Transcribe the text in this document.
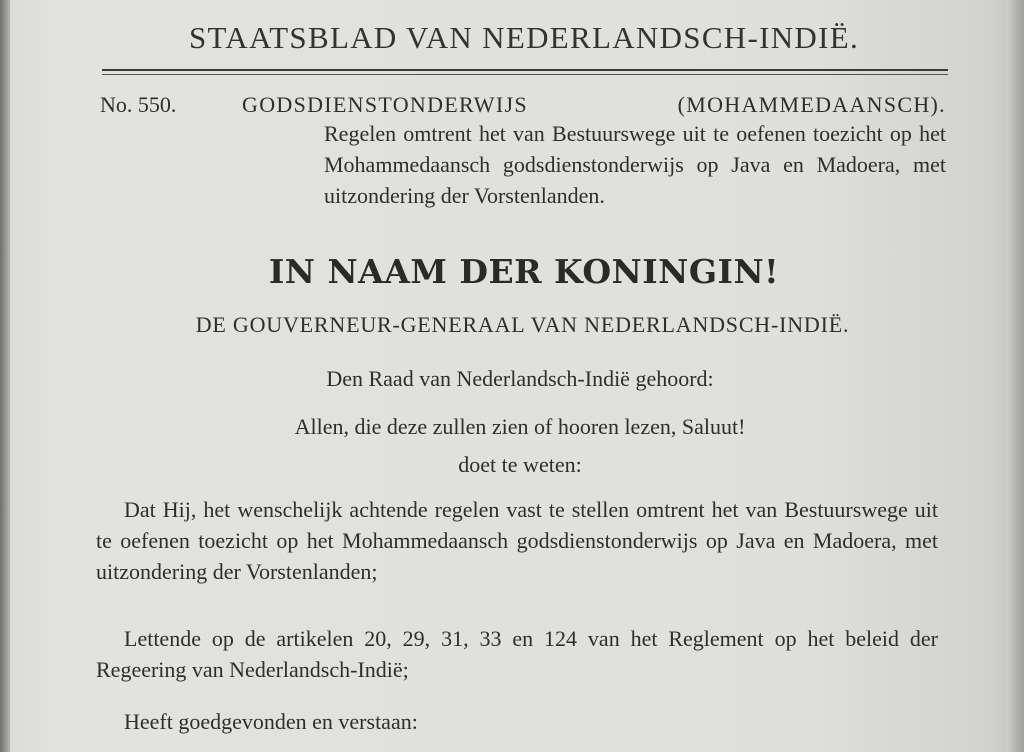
STAATSBLAD VAN NEDERLANDSCH-INDIË.
No. 550.	GODSDIENSTONDERWIJS (MOHAMMEDAANSCH).
Regelen omtrent het van Bestuurswege uit te oefenen toezicht op het Mohammedaansch godsdienstonderwijs op Java en Madoera, met uitzondering der Vorstenlanden.
IN NAAM DER KONINGIN!
DE GOUVERNEUR-GENERAAL VAN NEDERLANDSCH-INDIË.
Den Raad van Nederlandsch-Indië gehoord:
Allen, die deze zullen zien of hooren lezen, Saluut!
doet te weten:
Dat Hij, het wenschelijk achtende regelen vast te stellen omtrent het van Bestuurswege uit te oefenen toezicht op het Mohammedaansch godsdienstonderwijs op Java en Madoera, met uitzondering der Vorstenlanden;
Lettende op de artikelen 20, 29, 31, 33 en 124 van het Reglement op het beleid der Regeering van Nederlandsch-Indië;
Heeft goedgevonden en verstaan:
